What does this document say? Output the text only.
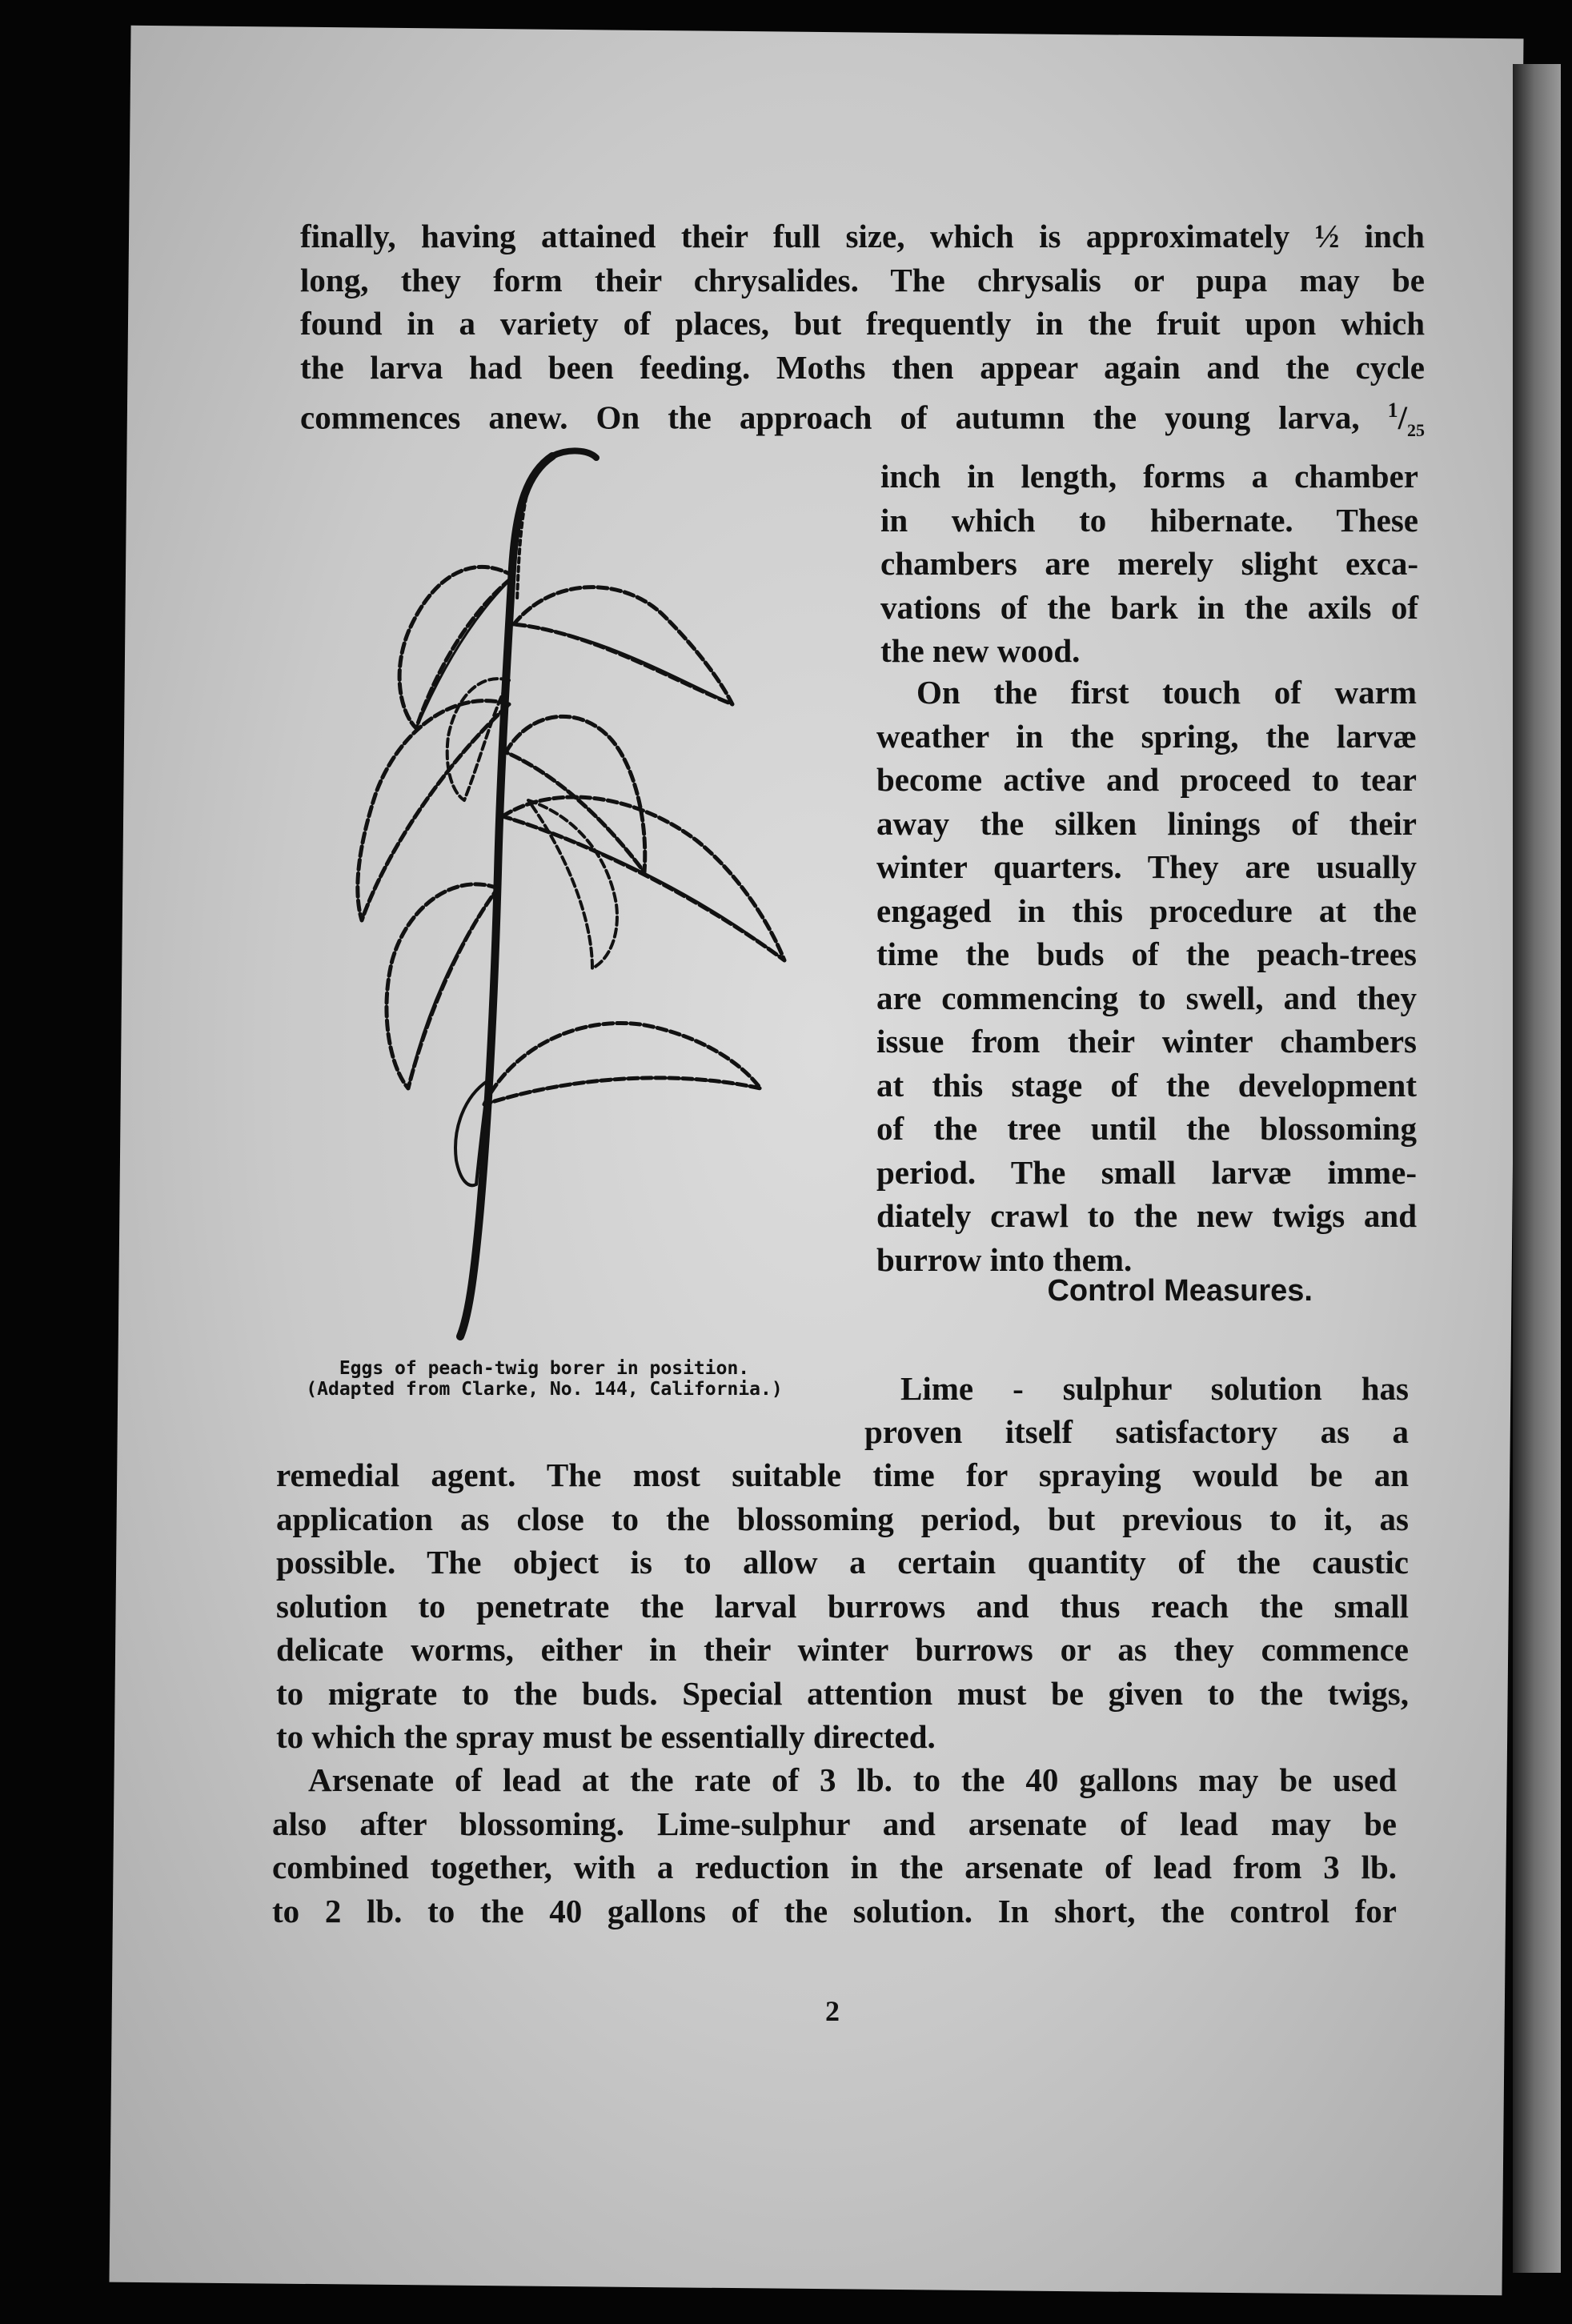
finally, having attained their full size, which is approximately ½ inch
long, they form their chrysalides. The chrysalis or pupa may be
found in a variety of places, but frequently in the fruit upon which
the larva had been feeding. Moths then appear again and the cycle
commences anew. On the approach of autumn the young larva, $^1/_{25}$
inch in length, forms a chamber
in which to hibernate. These
chambers are merely slight exca-
vations of the bark in the axils of
the new wood.
On the first touch of warm
weather in the spring, the larvæ
become active and proceed to tear
away the silken linings of their
winter quarters. They are usually
engaged in this procedure at the
time the buds of the peach-trees
are commencing to swell, and they
issue from their winter chambers
at this stage of the development
of the tree until the blossoming
period. The small larvæ imme-
diately crawl to the new twigs and
burrow into them.
Control Measures.
Eggs of peach-twig borer in position.
(Adapted from Clarke, No. 144, California.)	Lime - sulphur solution has
proven itself satisfactory as a
remedial agent. The most suitable time for spraying would be an
application as close to the blossoming period, but previous to it, as
possible. The object is to allow a certain quantity of the caustic
solution to penetrate the larval burrows and thus reach the small
delicate worms, either in their winter burrows or as they commence
to migrate to the buds. Special attention must be given to the twigs,
to which the spray must be essentially directed.
Arsenate of lead at the rate of 3 lb. to the 40 gallons may be used
also after blossoming. Lime-sulphur and arsenate of lead may be
combined together, with a reduction in the arsenate of lead from 3 lb.
to 2 lb. to the 40 gallons of the solution. In short, the control for
2
